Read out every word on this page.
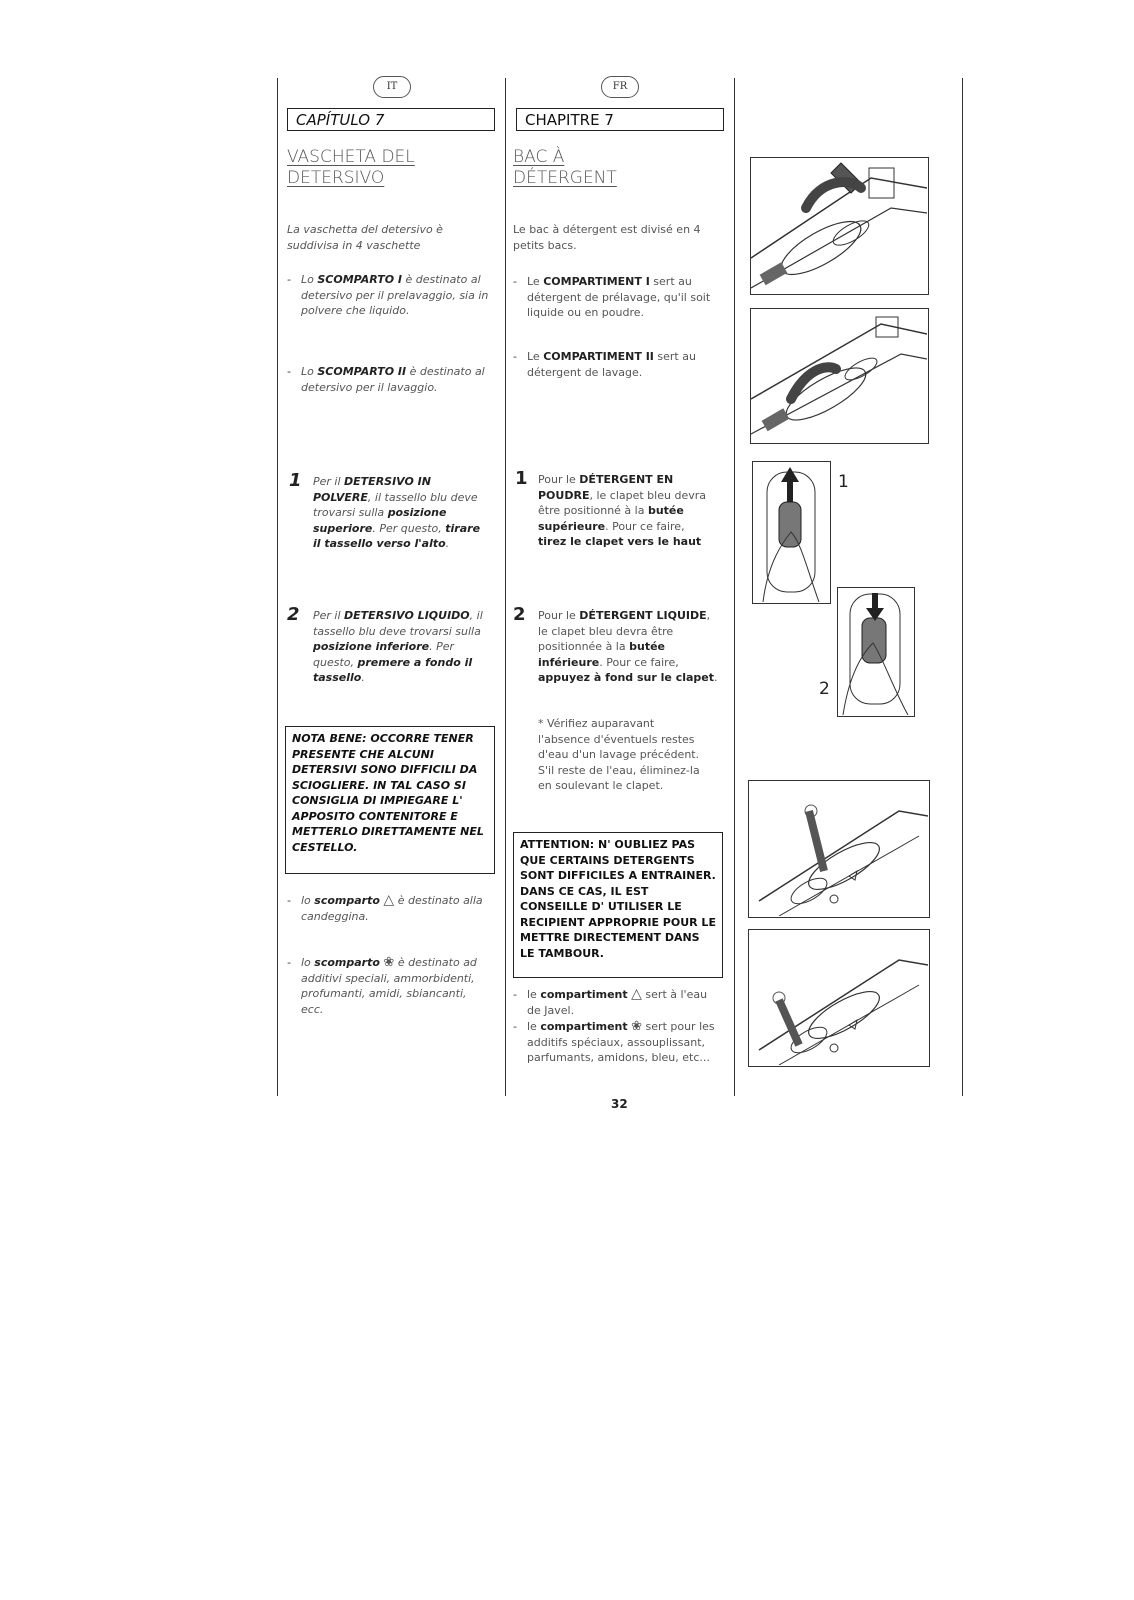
IT
CAPÍTULO 7
VASCHETA DEL
DETERSIVO

La vaschetta del detersivo è suddivisa in 4 vaschette

- Lo SCOMPARTO I è destinato al detersivo per il prelavaggio, sia in polvere che liquido.

- Lo SCOMPARTO II è destinato al detersivo per il lavaggio.

1 Per il DETERSIVO IN POLVERE, il tassello blu deve trovarsi sulla posizione superiore. Per questo, tirare il tassello verso l'alto.

2 Per il DETERSIVO LIQUIDO, il tassello blu deve trovarsi sulla posizione inferiore. Per questo, premere a fondo il tassello.

NOTA BENE: OCCORRE TENER PRESENTE CHE ALCUNI DETERSIVI SONO DIFFICILI DA SCIOGLIERE. IN TAL CASO SI CONSIGLIA DI IMPIEGARE L' APPOSITO CONTENITORE E METTERLO DIRETTAMENTE NEL CESTELLO.

- lo scomparto △ è destinato alla candeggina.

- lo scomparto ❀ è destinato ad additivi speciali, ammorbidenti, profumanti, amidi, sbiancanti, ecc.

FR
CHAPITRE 7
BAC À
DÉTERGENT

Le bac à détergent est divisé en 4 petits bacs.

- Le COMPARTIMENT I sert au détergent de prélavage, qu'il soit liquide ou en poudre.

- Le COMPARTIMENT II sert au détergent de lavage.

1 Pour le DÉTERGENT EN POUDRE, le clapet bleu devra être positionné à la butée supérieure. Pour ce faire, tirez le clapet vers le haut

2 Pour le DÉTERGENT LIQUIDE, le clapet bleu devra être positionnée à la butée inférieure. Pour ce faire, appuyez à fond sur le clapet.

* Vérifiez auparavant l'absence d'éventuels restes d'eau d'un lavage précédent. S'il reste de l'eau, éliminez-la en soulevant le clapet.

ATTENTION: N' OUBLIEZ PAS QUE CERTAINS DETERGENTS SONT DIFFICILES A ENTRAINER. DANS CE CAS, IL EST CONSEILLE D' UTILISER LE RECIPIENT APPROPRIE POUR LE METTRE DIRECTEMENT DANS LE TAMBOUR.

- le compartiment △ sert à l'eau de Javel.

- le compartiment ❀ sert pour les additifs spéciaux, assouplissant, parfumants, amidons, bleu, etc...

32
1
2
